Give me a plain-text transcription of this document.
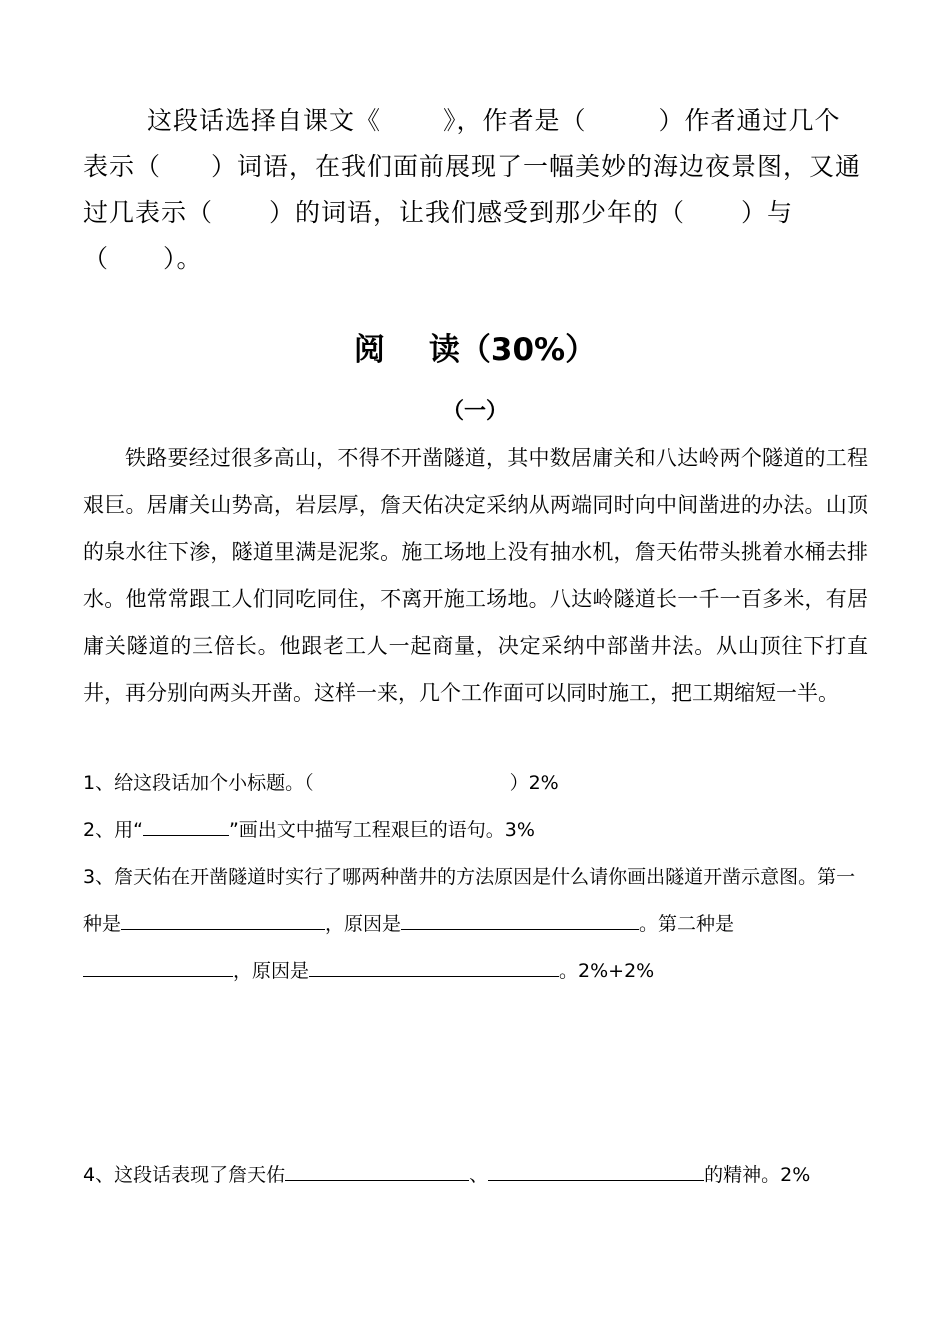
这段话选择自课文《 》，作者是（	）作者通过几个

表示（ ）词语，在我们面前展现了一幅美妙的海边夜景图，又通

过几表示（ ）的词语，让我们感受到那少年的（ ）与

（ ）。

阅 读（30%）
（一）

铁路要经过很多高山，不得不开凿隧道，其中数居庸关和八达岭两个隧道的工程艰巨。居庸关山势高，岩层厚，詹天佑决定采纳从两端同时向中间凿进的办法。山顶的泉水往下渗，隧道里满是泥浆。施工场地上没有抽水机，詹天佑带头挑着水桶去排水。他常常跟工人们同吃同住，不离开施工场地。八达岭隧道长一千一百多米，有居庸关隧道的三倍长。他跟老工人一起商量，决定采纳中部凿井法。从山顶往下打直井，再分别向两头开凿。这样一来，几个工作面可以同时施工，把工期缩短一半。

1、给这段话加个小标题。（	）2%

2、用“	”画出文中描写工程艰巨的语句。3%

3、詹天佑在开凿隧道时实行了哪两种凿井的方法原因是什么请你画出隧道开凿示意图。第一种是	，原因是	。第二种是，原因是	。2%+2%

4、这段话表现了詹天佑	、	的精神。2%
